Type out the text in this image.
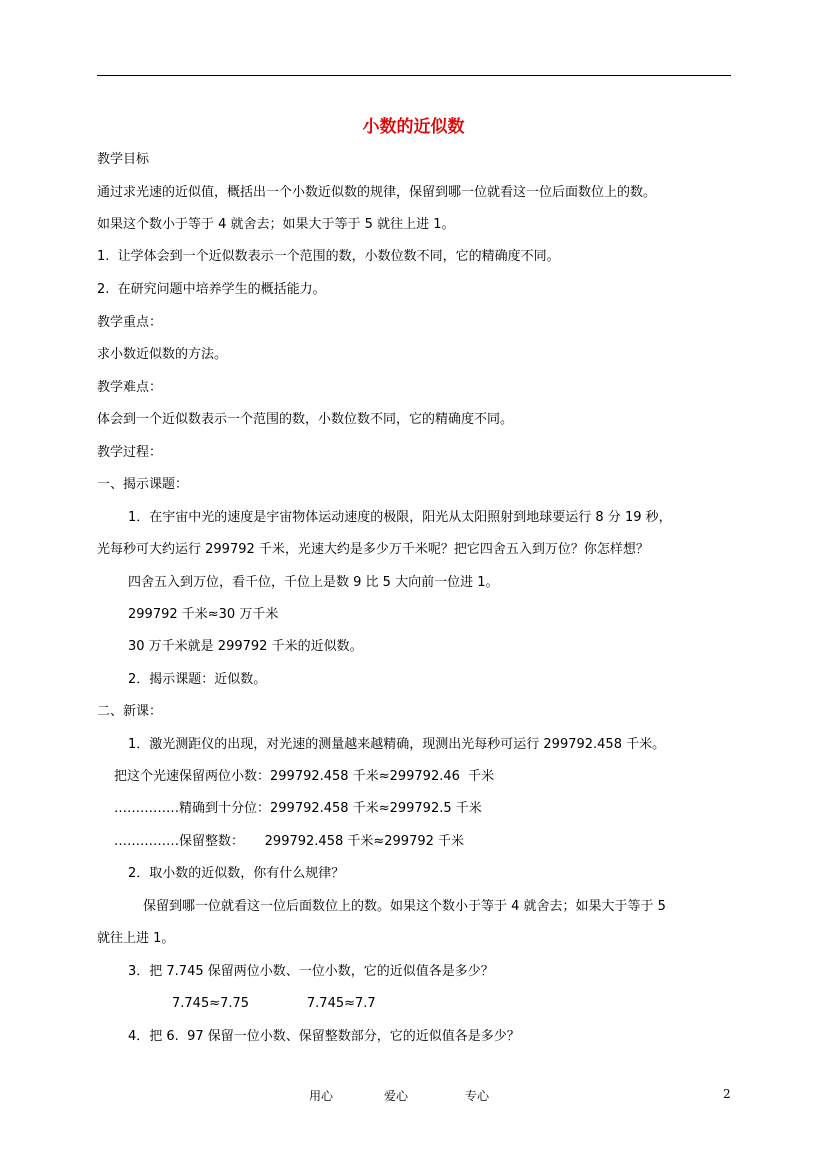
小数的近似数
教学目标
通过求光速的近似值，概括出一个小数近似数的规律，保留到哪一位就看这一位后面数位上的数。
如果这个数小于等于 4 就舍去；如果大于等于 5 就往上进 1。
1.  让学体会到一个近似数表示一个范围的数，小数位数不同，它的精确度不同。
2.  在研究问题中培养学生的概括能力。
教学重点：
求小数近似数的方法。
教学难点：
体会到一个近似数表示一个范围的数，小数位数不同，它的精确度不同。
教学过程：
一、揭示课题：
1．在宇宙中光的速度是宇宙物体运动速度的极限，阳光从太阳照射到地球要运行 8 分 19 秒，
光每秒可大约运行 299792 千米，光速大约是多少万千米呢？把它四舍五入到万位？你怎样想？
四舍五入到万位，看千位，千位上是数 9 比 5 大向前一位进 1。
299792 千米≈30 万千米
30 万千米就是 299792 千米的近似数。
2．揭示课题：近似数。
二、新课：
1．激光测距仪的出现，对光速的测量越来越精确，现测出光每秒可运行 299792.458 千米。
把这个光速保留两位小数：299792.458 千米≈299792.46  千米
……………精确到十分位：299792.458 千米≈299792.5 千米
……………保留整数：     299792.458 千米≈299792 千米
2．取小数的近似数，你有什么规律？
保留到哪一位就看这一位后面数位上的数。如果这个数小于等于 4 就舍去；如果大于等于 5
就往上进 1。
3．把 7.745 保留两位小数、一位小数，它的近似值各是多少？
7.745≈7.75              7.745≈7.7
4．把 6.  97 保留一位小数、保留整数部分，它的近似值各是多少？
用心	爱心	专心	2
